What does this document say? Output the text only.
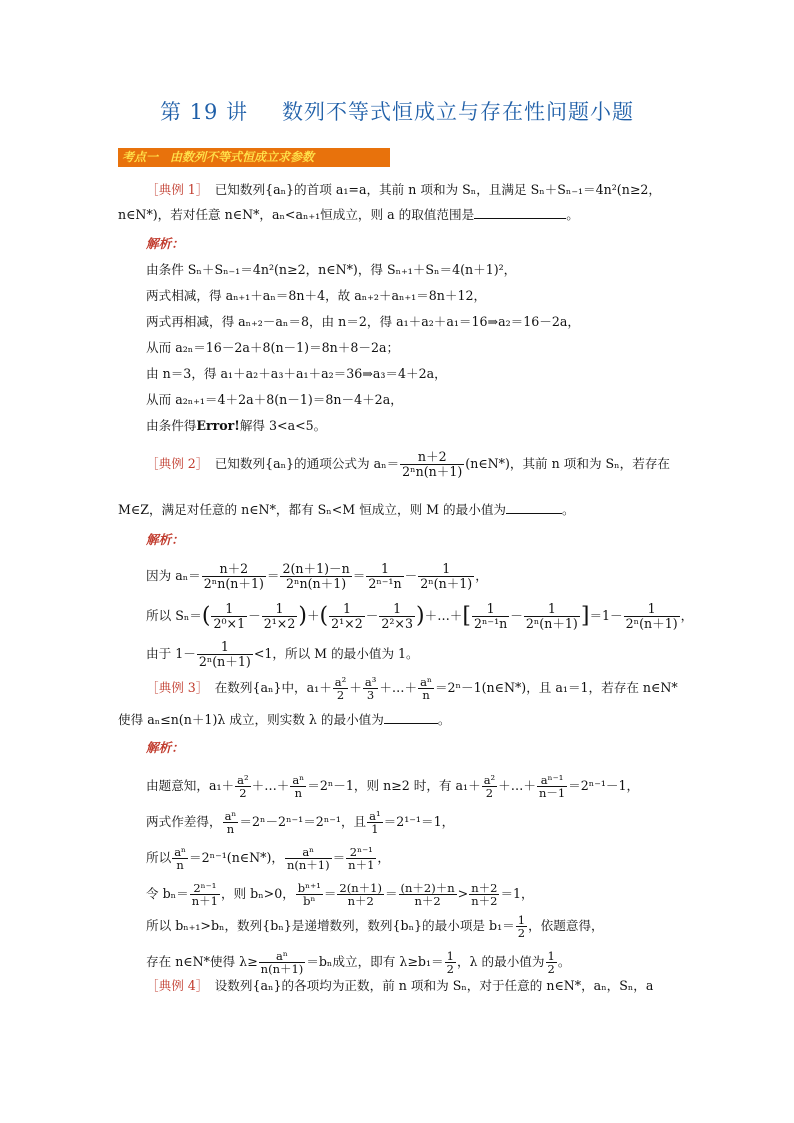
第 19 讲 数列不等式恒成立与存在性问题小题
考点一　由数列不等式恒成立求参数
［典例 1］　 已知数列{aₙ}的首项 a₁=a，其前 n 项和为 Sₙ，且满足 Sₙ＋Sₙ₋₁＝4n²(n≥2，
n∈N*)，若对任意 n∈N*，aₙ<aₙ₊₁恒成立，则 a 的取值范围是	。
解析：
由条件 Sₙ＋Sₙ₋₁＝4n²(n≥2，n∈N*)，得 Sₙ₊₁＋Sₙ＝4(n＋1)²，
两式相减，得 aₙ₊₁＋aₙ＝8n＋4，故 aₙ₊₂＋aₙ₊₁＝8n＋12，
两式再相减，得 aₙ₊₂－aₙ＝8，由 n＝2，得 a₁＋a₂＋a₁＝16⇒a₂＝16－2a，
从而 a₂ₙ＝16－2a＋8(n－1)＝8n＋8－2a；
由 n＝3，得 a₁＋a₂＋a₃＋a₁＋a₂＝36⇒a₃＝4＋2a，
从而 a₂ₙ₊₁＝4＋2a＋8(n－1)＝8n－4＋2a，
由条件得Error!解得 3<a<5。
［典例 2］　 已知数列{aₙ}的通项公式为 $a_n= \frac{n+2}{\text{2ⁿn(n＋1)}}$ (n∈N*)，其前 n 项和为 Sₙ，若存在
M∈Z，满足对任意的 n∈N*，都有 Sₙ<M 恒成立，则 M 的最小值为	。
解析：
因为 $a_n= \frac{n+2}{\text{2ⁿn(n＋1)}} = \frac{2(n+1)-n}{\text{2ⁿn(n＋1)}} = \frac{1}{\text{2ⁿ⁻¹n}} - \frac{1}{\text{2ⁿ(n＋1)}}$ ，
所以 $S_n=( \frac{1}{\text{2⁰×1}} - \frac{1}{\text{2¹×2}}$ )＋( $\frac{1}{\text{2¹×2}} - \frac{1}{\text{2²×3}}$ )＋…＋[ $\frac{1}{\text{2ⁿ⁻¹n}} - \frac{1}{\text{2ⁿ(n＋1)}} ]=1- \frac{1}{\text{2ⁿ(n＋1)}}$ ，
由于 $1- \frac{1}{\text{2ⁿ(n＋1)}} <1$，所以 M 的最小值为 1。
［典例 3］　 在数列{aₙ}中，$a_1+ \frac{\text{a²}}{2} + \frac{\text{a³}}{3}$ ＋…＋ $\frac{\text{aⁿ}}{n}$ ＝2ⁿ－1(n∈N*)，且 a₁＝1，若存在 n∈N*
使得 aₙ≤n(n＋1)λ 成立，则实数 λ 的最小值为	。
解析：
由题意知，$a_1+ \frac{\text{a²}}{2}$ ＋…＋ $\frac{\text{aⁿ}}{n} =2^n-1$，则 n≥2 时，有 $a_1+ \frac{\text{a²}}{2}$ ＋…＋ $\frac{\text{aⁿ⁻¹}}{n-1} =2^{n-1}-1$，
两式作差得， $\frac{\text{aⁿ}}{n} =2^n-2^{n-1}=2^{n-1}$，且 $\frac{\text{a¹}}{1} =2^{1-1}=1$，
所以 $\frac{\text{aⁿ}}{n}$ ＝2ⁿ⁻¹(n∈N*)， $\frac{\text{aⁿ}}{n(n+1)} = \frac{\text{2ⁿ⁻¹}}{n+1}$ ，
令 $b_n= \frac{\text{2ⁿ⁻¹}}{n+1}$ ，则 bₙ>0， $\frac{\text{bⁿ⁺¹}}{\text{bⁿ}} = \frac{2(n+1)}{n+2} = \frac{(n+2)+n}{n+2} > \frac{n+2}{n+2} =1$，
所以 bₙ₊₁>bₙ，数列{bₙ}是递增数列，数列{bₙ}的最小项是 $b_1= \frac{1}{2}$ ，依题意得，
存在 n∈N*使得 $\lambda\ge \frac{\text{aⁿ}}{n(n+1)} =b_n$成立，即有 $\lambda\ge b_1= \frac{1}{2}$ ，λ 的最小值为 $\frac{1}{2}$ 。
［典例 4］　 设数列{aₙ}的各项均为正数，前 n 项和为 Sₙ，对于任意的 n∈N*，aₙ，Sₙ，a
